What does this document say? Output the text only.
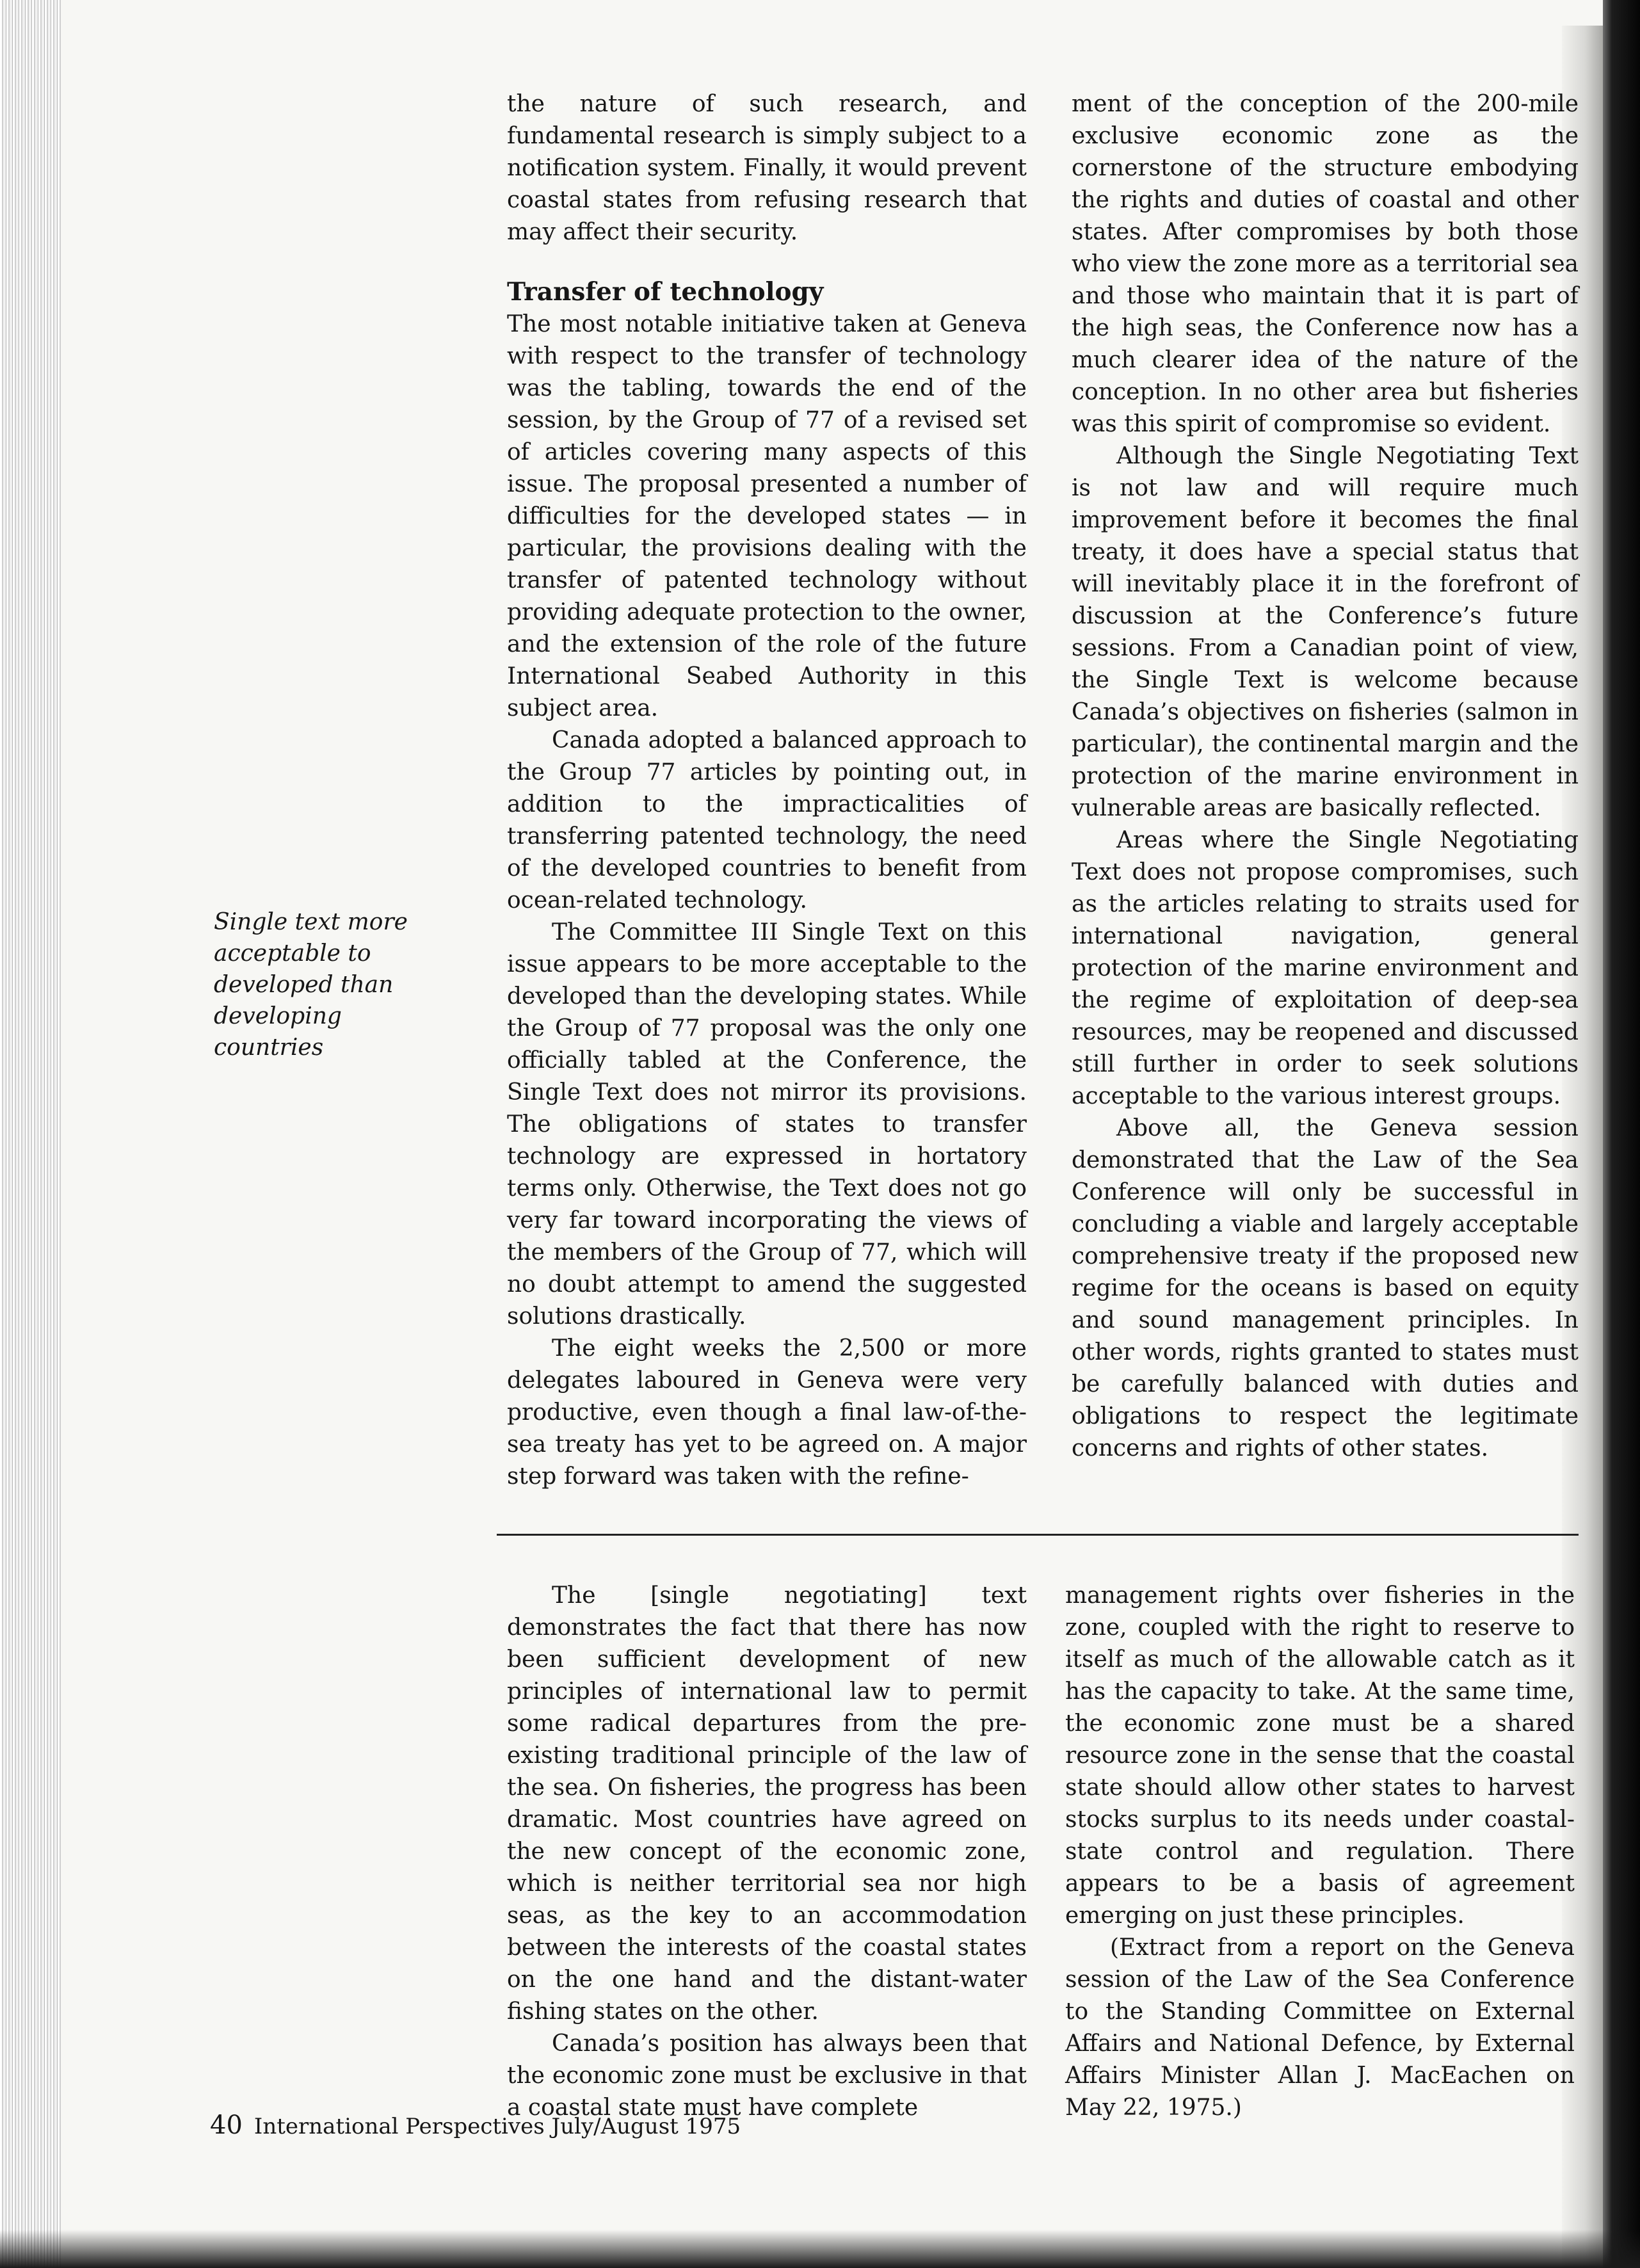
the nature of such research, and fundamental research is simply subject to a notification system. Finally, it would prevent coastal states from refusing research that may affect their security.

Transfer of technology

The most notable initiative taken at Geneva with respect to the transfer of technology was the tabling, towards the end of the session, by the Group of 77 of a revised set of articles covering many aspects of this issue. The proposal presented a number of difficulties for the developed states — in particular, the provisions dealing with the transfer of patented technology without providing adequate protection to the owner, and the extension of the role of the future International Seabed Authority in this subject area.

Canada adopted a balanced approach to the Group 77 articles by pointing out, in addition to the impracticalities of transferring patented technology, the need of the developed countries to benefit from ocean-related technology.

The Committee III Single Text on this issue appears to be more acceptable to the developed than the developing states. While the Group of 77 proposal was the only one officially tabled at the Conference, the Single Text does not mirror its provisions. The obligations of states to transfer technology are expressed in hortatory terms only. Otherwise, the Text does not go very far toward incorporating the views of the members of the Group of 77, which will no doubt attempt to amend the suggested solutions drastically.

The eight weeks the 2,500 or more delegates laboured in Geneva were very productive, even though a final law-of-the-sea treaty has yet to be agreed on. A major step forward was taken with the refine-

ment of the conception of the 200-mile exclusive economic zone as the cornerstone of the structure embodying the rights and duties of coastal and other states. After compromises by both those who view the zone more as a territorial sea and those who maintain that it is part of the high seas, the Conference now has a much clearer idea of the nature of the conception. In no other area but fisheries was this spirit of compromise so evident.

Although the Single Negotiating Text is not law and will require much improvement before it becomes the final treaty, it does have a special status that will inevitably place it in the forefront of discussion at the Conference’s future sessions. From a Canadian point of view, the Single Text is welcome because Canada’s objectives on fisheries (salmon in particular), the continental margin and the protection of the marine environment in vulnerable areas are basically reflected.

Areas where the Single Negotiating Text does not propose compromises, such as the articles relating to straits used for international navigation, general protection of the marine environment and the regime of exploitation of deep-sea resources, may be reopened and discussed still further in order to seek solutions acceptable to the various interest groups.

Above all, the Geneva session demonstrated that the Law of the Sea Conference will only be successful in concluding a viable and largely acceptable comprehensive treaty if the proposed new regime for the oceans is based on equity and sound management principles. In other words, rights granted to states must be carefully balanced with duties and obligations to respect the legitimate concerns and rights of other states.

Single text more acceptable to developed than developing countries

The [single negotiating] text demonstrates the fact that there has now been sufficient development of new principles of international law to permit some radical departures from the pre-existing traditional principle of the law of the sea. On fisheries, the progress has been dramatic. Most countries have agreed on the new concept of the economic zone, which is neither territorial sea nor high seas, as the key to an accommodation between the interests of the coastal states on the one hand and the distant-water fishing states on the other.

Canada’s position has always been that the economic zone must be exclusive in that a coastal state must have complete

management rights over fisheries in the zone, coupled with the right to reserve to itself as much of the allowable catch as it has the capacity to take. At the same time, the economic zone must be a shared resource zone in the sense that the coastal state should allow other states to harvest stocks surplus to its needs under coastal-state control and regulation. There appears to be a basis of agreement emerging on just these principles.

(Extract from a report on the Geneva session of the Law of the Sea Conference to the Standing Committee on External Affairs and National Defence, by External Affairs Minister Allan J. MacEachen on May 22, 1975.)

40 International Perspectives July/August 1975
